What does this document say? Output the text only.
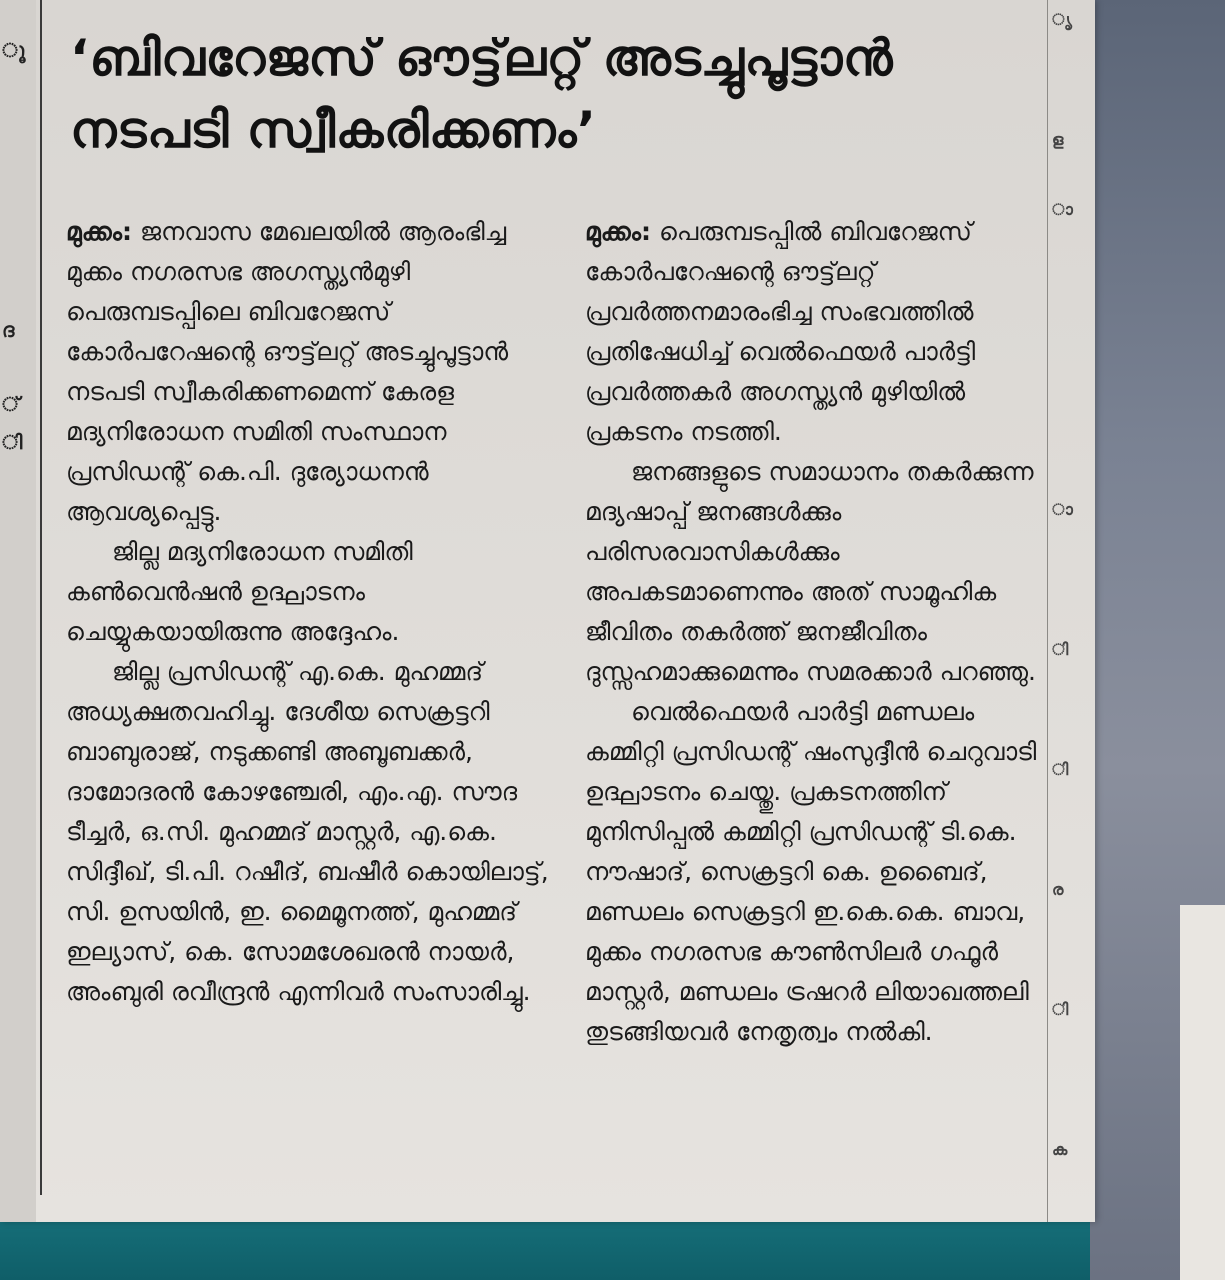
ൂ
ദ
്
ി
‘ബിവറേജസ് ഔട്ട്‌ലറ്റ് അടച്ചുപൂട്ടാൻ നടപടി സ്വീകരിക്കണം’

മുക്കം: ജനവാസ മേഖലയിൽ ആരംഭിച്ച മുക്കം നഗരസഭ അഗസ്ത്യൻമുഴി പെരുമ്പടപ്പിലെ ബിവറേജസ് കോർപറേഷന്റെ ഔട്ട്‌ലറ്റ് അടച്ചുപൂട്ടാൻ നടപടി സ്വീകരിക്കണമെന്ന് കേരള മദ്യനിരോധന സമിതി സംസ്ഥാന പ്രസിഡന്റ് കെ.പി. ദുര്യോധനൻ ആവശ്യപ്പെട്ടു.

ജില്ല മദ്യനിരോധന സമിതി കൺവെൻഷൻ ഉദ്ഘാടനം ചെയ്യുകയായിരുന്നു അദ്ദേഹം.

ജില്ല പ്രസിഡന്റ് എ.കെ. മുഹമ്മദ് അധ്യക്ഷതവഹിച്ചു. ദേശീയ സെക്രട്ടറി ബാബുരാജ്, നടുക്കണ്ടി അബൂബക്കർ, ദാമോദരൻ കോഴഞ്ചേരി, എം.എ. സൗദ ടീച്ചർ, ഒ.സി. മുഹമ്മദ് മാസ്റ്റർ, എ.കെ. സിദ്ദീഖ്, ടി.പി. റഷീദ്, ബഷീർ കൊയിലാട്ട്, സി. ഉസയിൻ, ഇ. മൈമൂനത്ത്, മുഹമ്മദ് ഇല്യാസ്, കെ. സോമശേഖരൻ നായർ, അംബുരി രവീന്ദ്രൻ എന്നിവർ സംസാരിച്ചു.

മുക്കം: പെരുമ്പടപ്പിൽ ബിവറേജസ് കോർപറേഷന്റെ ഔട്ട്‌ലറ്റ് പ്രവർത്തനമാരംഭിച്ച സംഭവത്തിൽ പ്രതിഷേധിച്ച് വെൽഫെയർ പാർട്ടി പ്രവർത്തകർ അഗസ്ത്യൻ മുഴിയിൽ പ്രകടനം നടത്തി.

ജനങ്ങളുടെ സമാധാനം തകർക്കുന്ന മദ്യഷാപ്പ് ജനങ്ങൾക്കും പരിസരവാസികൾക്കും അപകടമാണെന്നും അത് സാമൂഹിക ജീവിതം തകർത്ത് ജനജീവിതം ദുസ്സഹമാക്കുമെന്നും സമരക്കാർ പറഞ്ഞു.

വെൽഫെയർ പാർട്ടി മണ്ഡലം കമ്മിറ്റി പ്രസിഡന്റ് ഷംസുദ്ദീൻ ചെറുവാടി ഉദ്ഘാടനം ചെയ്തു. പ്രകടനത്തിന് മുനിസിപ്പൽ കമ്മിറ്റി പ്രസിഡന്റ് ടി.കെ. നൗഷാദ്, സെക്രട്ടറി കെ. ഉബൈദ്, മണ്ഡലം സെക്രട്ടറി ഇ.കെ.കെ. ബാവ, മുക്കം നഗരസഭ കൗൺസിലർ ഗഫൂർ മാസ്റ്റർ, മണ്ഡലം ട്രഷറർ ലിയാഖത്തലി തുടങ്ങിയവർ നേതൃത്വം നൽകി.

ൃ
ള
ാ
ാ
ി
ി
ര
ി
ക
